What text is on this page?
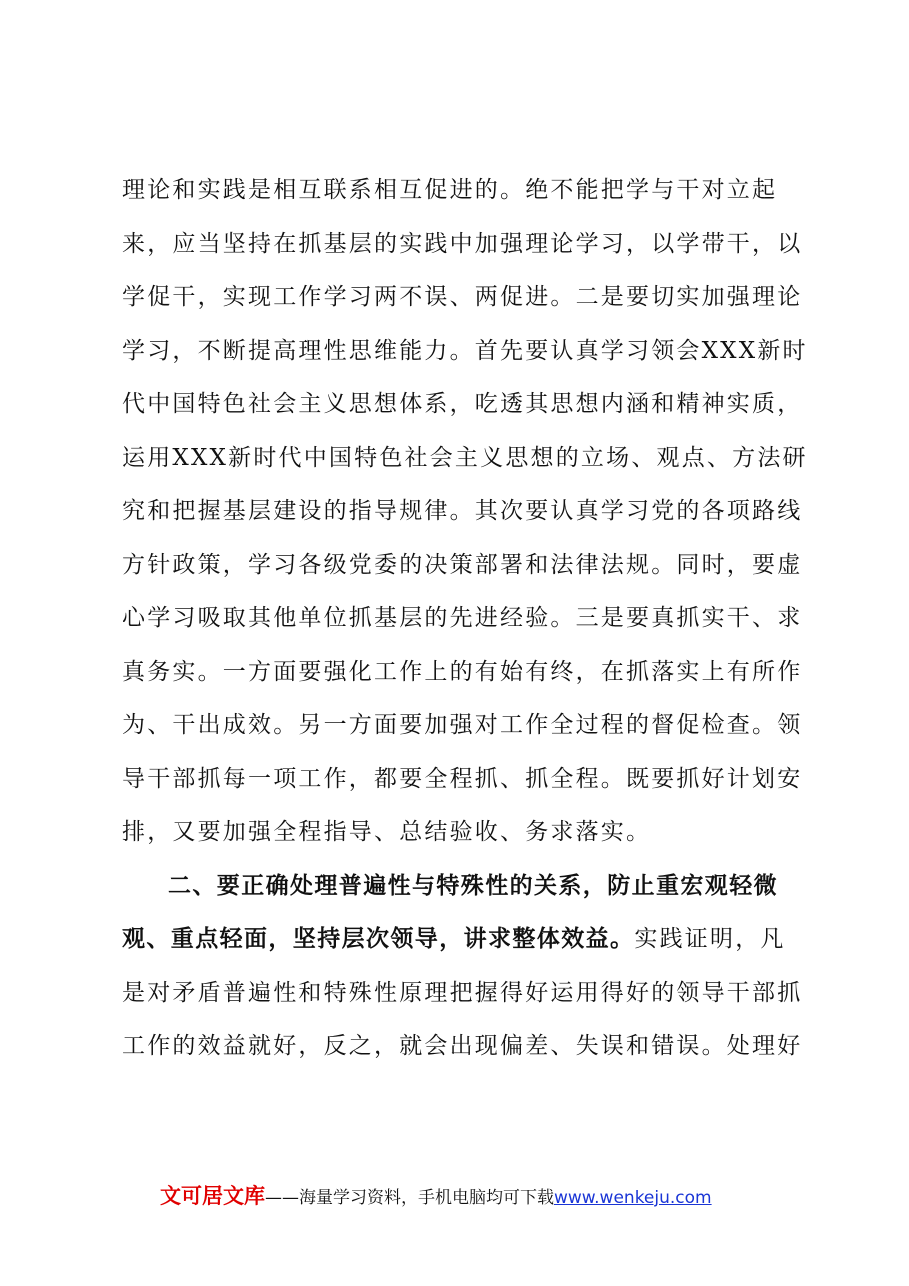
理论和实践是相互联系相互促进的。绝不能把学与干对立起
来，应当坚持在抓基层的实践中加强理论学习，以学带干，以
学促干，实现工作学习两不误、两促进。二是要切实加强理论
学习，不断提高理性思维能力。首先要认真学习领会XXX新时
代中国特色社会主义思想体系，吃透其思想内涵和精神实质，
运用XXX新时代中国特色社会主义思想的立场、观点、方法研
究和把握基层建设的指导规律。其次要认真学习党的各项路线
方针政策，学习各级党委的决策部署和法律法规。同时，要虚
心学习吸取其他单位抓基层的先进经验。三是要真抓实干、求
真务实。一方面要强化工作上的有始有终，在抓落实上有所作
为、干出成效。另一方面要加强对工作全过程的督促检查。领
导干部抓每一项工作，都要全程抓、抓全程。既要抓好计划安
排，又要加强全程指导、总结验收、务求落实。
二、要正确处理普遍性与特殊性的关系，防止重宏观轻微
观、重点轻面，坚持层次领导，讲求整体效益。实践证明，凡
是对矛盾普遍性和特殊性原理把握得好运用得好的领导干部抓
工作的效益就好，反之，就会出现偏差、失误和错误。处理好
文可居文库——海量学习资料，手机电脑均可下载www.wenkeju.com
